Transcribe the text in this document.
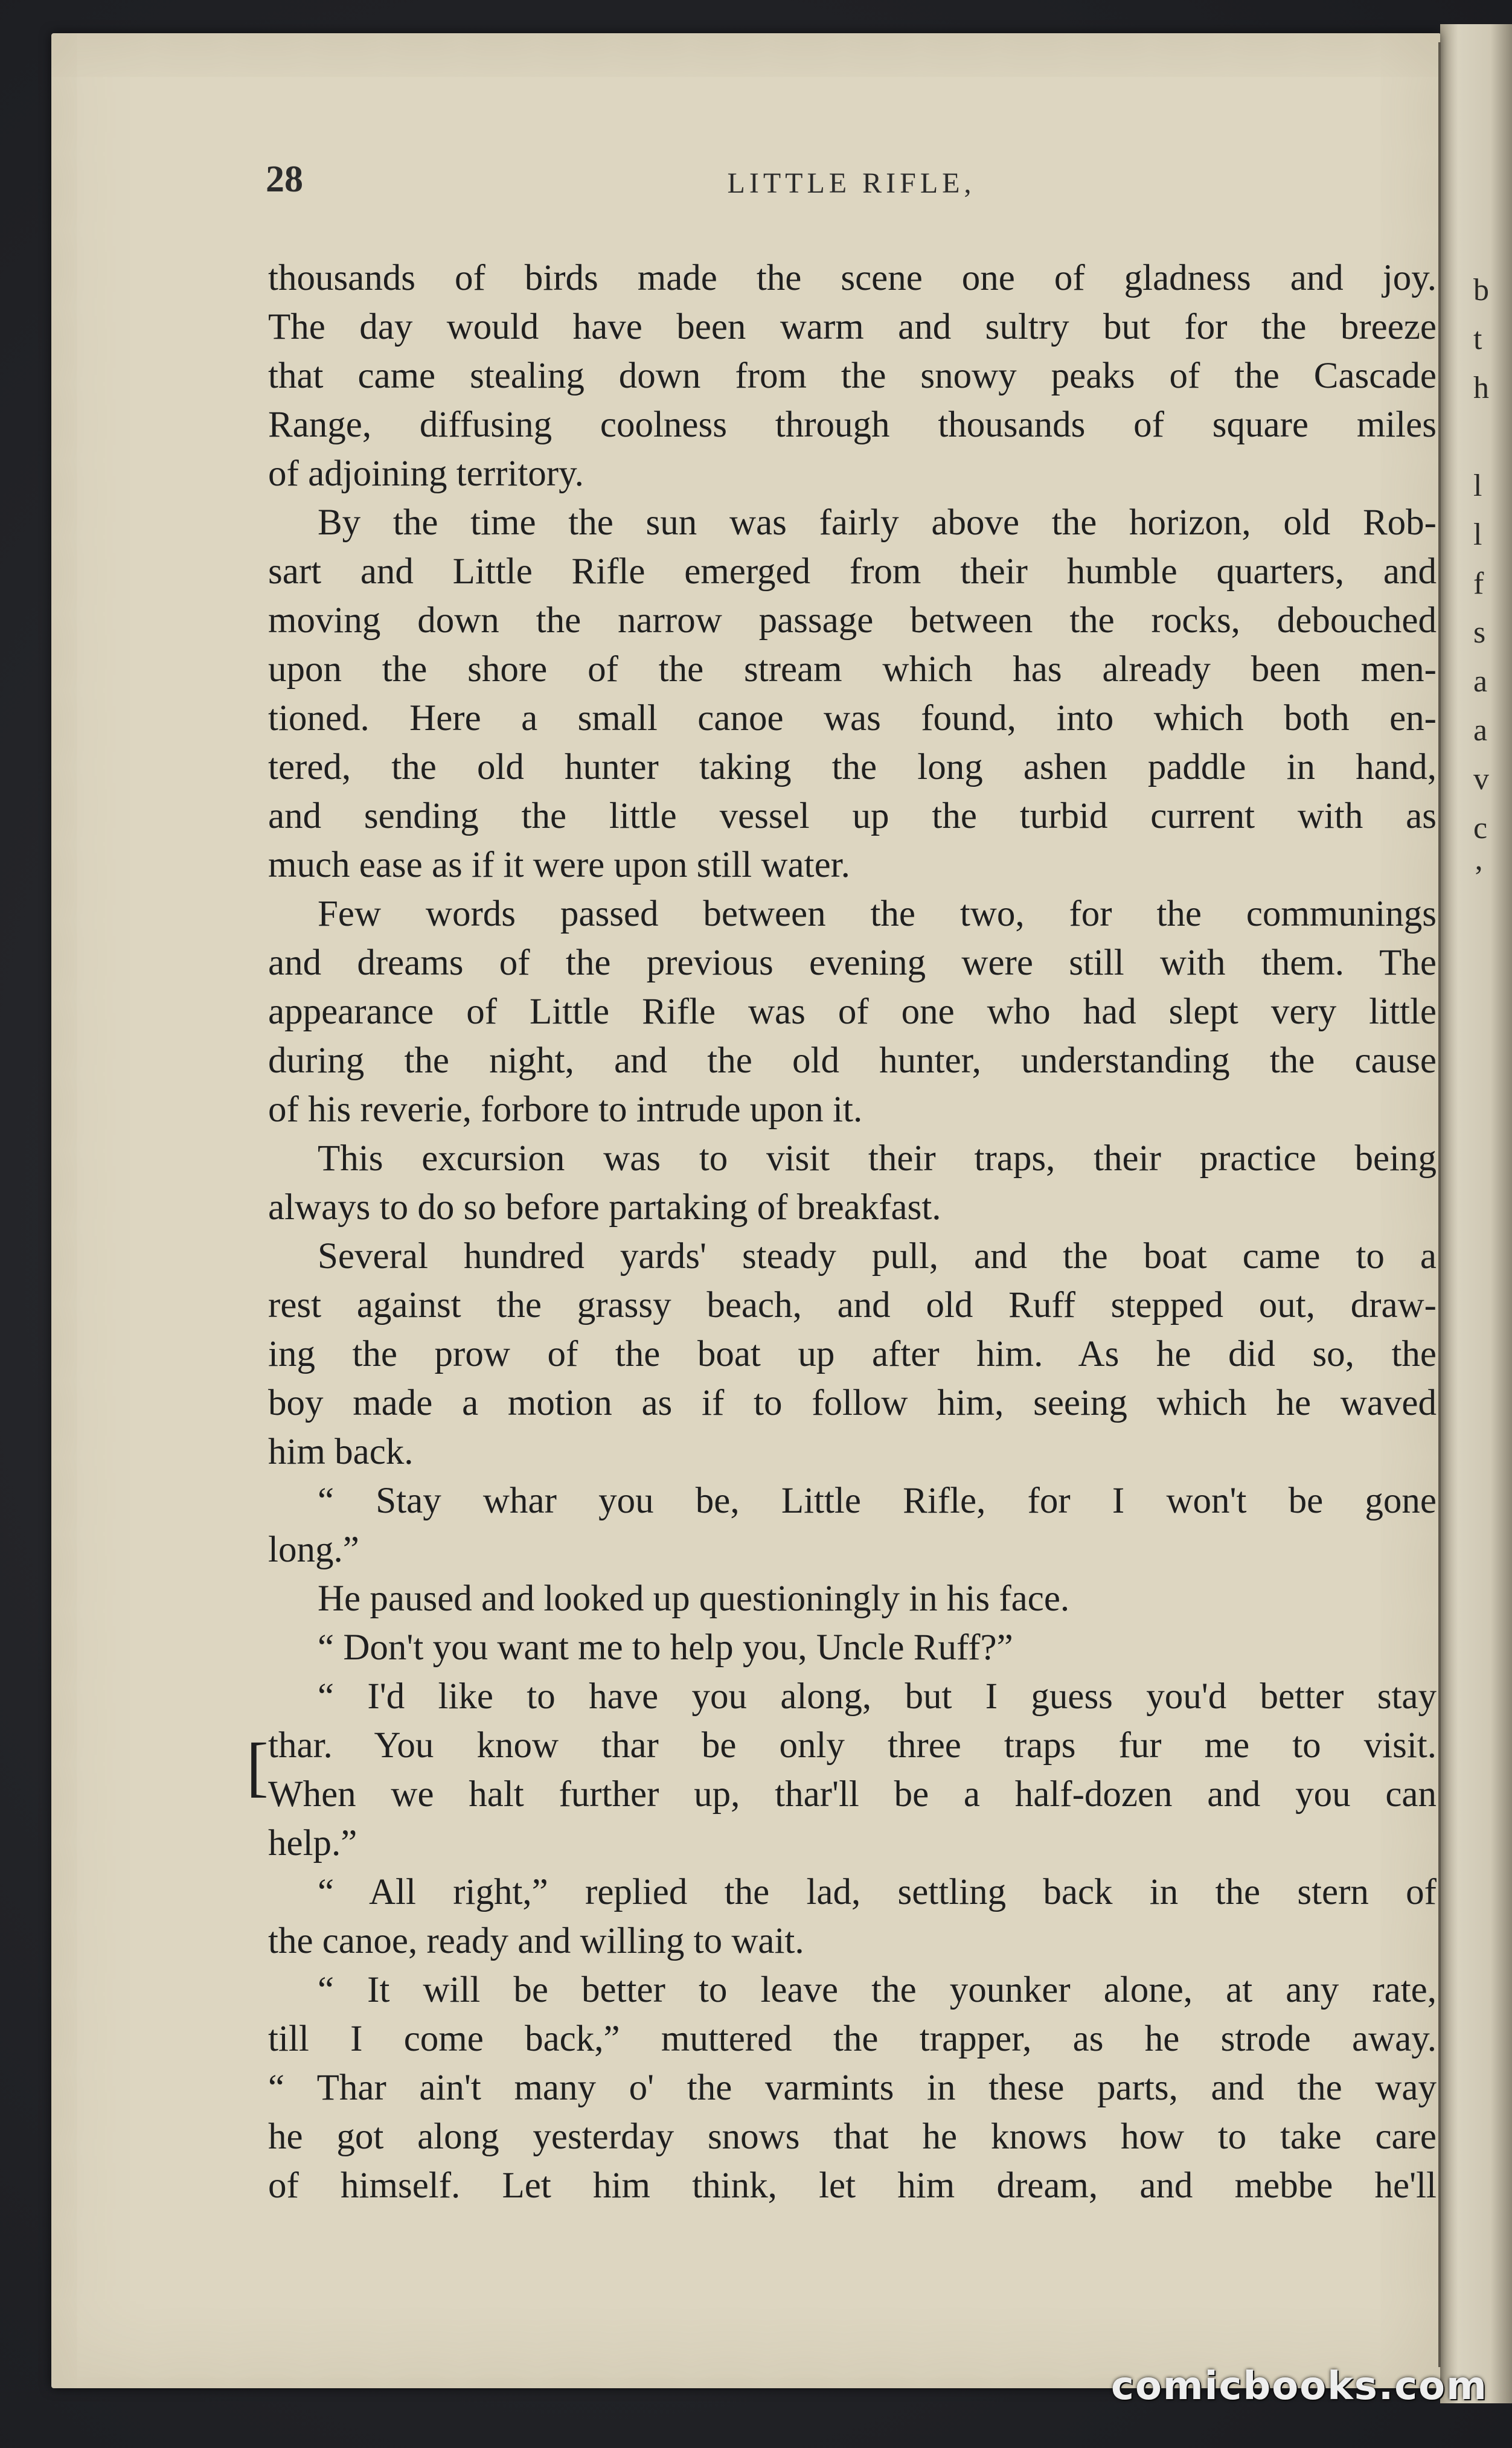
b
t
h
l
l
f
s
a
a
v
c
’
28	LITTLE RIFLE,
thousands of birds made the scene one of gladness and joy.
The day would have been warm and sultry but for the breeze
that came stealing down from the snowy peaks of the Cascade
Range, diffusing coolness through thousands of square miles
of adjoining territory.
By the time the sun was fairly above the horizon, old Rob-
sart and Little Rifle emerged from their humble quarters, and
moving down the narrow passage between the rocks, debouched
upon the shore of the stream which has already been men-
tioned. Here a small canoe was found, into which both en-
tered, the old hunter taking the long ashen paddle in hand,
and sending the little vessel up the turbid current with as
much ease as if it were upon still water.
Few words passed between the two, for the communings
and dreams of the previous evening were still with them. The
appearance of Little Rifle was of one who had slept very little
during the night, and the old hunter, understanding the cause
of his reverie, forbore to intrude upon it.
This excursion was to visit their traps, their practice being
always to do so before partaking of breakfast.
Several hundred yards' steady pull, and the boat came to a
rest against the grassy beach, and old Ruff stepped out, draw-
ing the prow of the boat up after him. As he did so, the
boy made a motion as if to follow him, seeing which he waved
him back.
“ Stay whar you be, Little Rifle, for I won't be gone
long.”
He paused and looked up questioningly in his face.
“ Don't you want me to help you, Uncle Ruff?”
“ I'd like to have you along, but I guess you'd better stay
thar. You know thar be only three traps fur me to visit.
When we halt further up, thar'll be a half-dozen and you can
help.”
“ All right,” replied the lad, settling back in the stern of
the canoe, ready and willing to wait.
“ It will be better to leave the younker alone, at any rate,
till I come back,” muttered the trapper, as he strode away.
“ Thar ain't many o' the varmints in these parts, and the way
he got along yesterday snows that he knows how to take care
of himself. Let him think, let him dream, and mebbe he'll
[
comicbooks.com
